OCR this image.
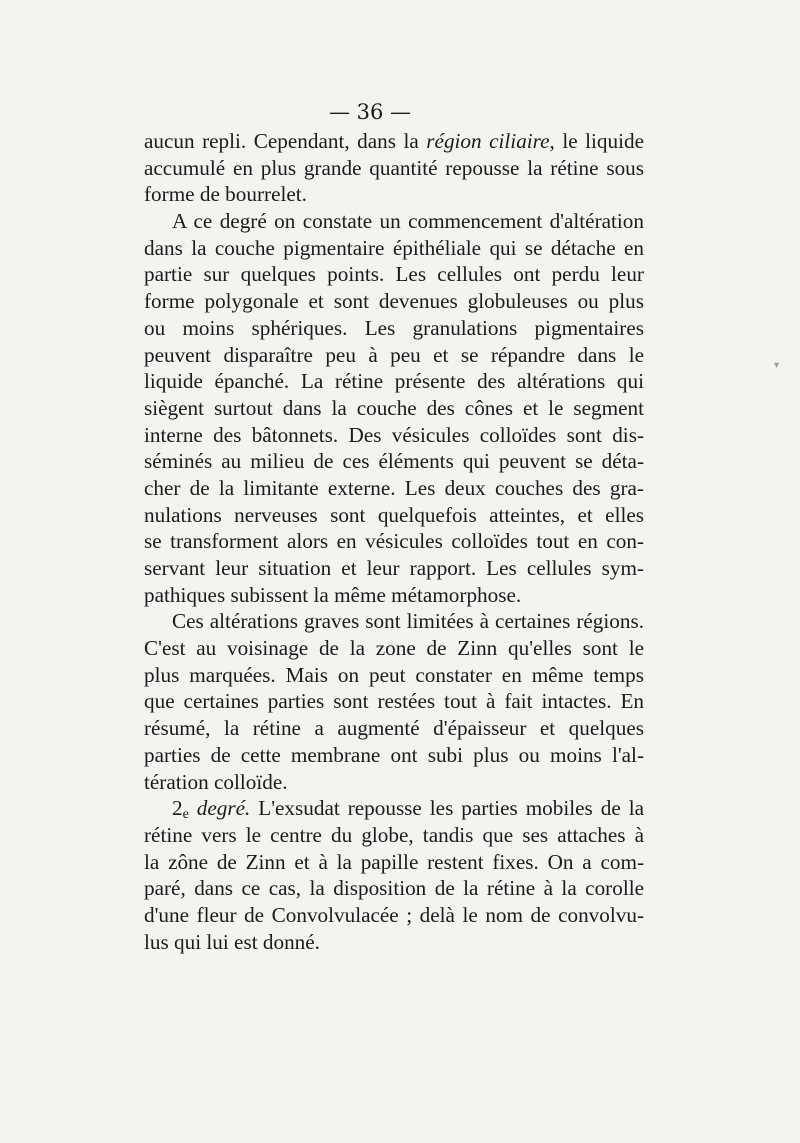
— 36 —
aucun repli. Cependant, dans la région ciliaire, le liquide
accumulé en plus grande quantité repousse la rétine sous
forme de bourrelet.
A ce degré on constate un commencement d'altération
dans la couche pigmentaire épithéliale qui se détache en
partie sur quelques points. Les cellules ont perdu leur
forme polygonale et sont devenues globuleuses ou plus
ou moins sphériques. Les granulations pigmentaires
peuvent disparaître peu à peu et se répandre dans le
liquide épanché. La rétine présente des altérations qui
siègent surtout dans la couche des cônes et le segment
interne des bâtonnets. Des vésicules colloïdes sont dis-
séminés au milieu de ces éléments qui peuvent se déta-
cher de la limitante externe. Les deux couches des gra-
nulations nerveuses sont quelquefois atteintes, et elles
se transforment alors en vésicules colloïdes tout en con-
servant leur situation et leur rapport. Les cellules sym-
pathiques subissent la même métamorphose.
Ces altérations graves sont limitées à certaines régions.
C'est au voisinage de la zone de Zinn qu'elles sont le
plus marquées. Mais on peut constater en même temps
que certaines parties sont restées tout à fait intactes. En
résumé, la rétine a augmenté d'épaisseur et quelques
parties de cette membrane ont subi plus ou moins l'al-
tération colloïde.
2e degré. L'exsudat repousse les parties mobiles de la
rétine vers le centre du globe, tandis que ses attaches à
la zône de Zinn et à la papille restent fixes. On a com-
paré, dans ce cas, la disposition de la rétine à la corolle
d'une fleur de Convolvulacée ; delà le nom de convolvu-
lus qui lui est donné.
▾
